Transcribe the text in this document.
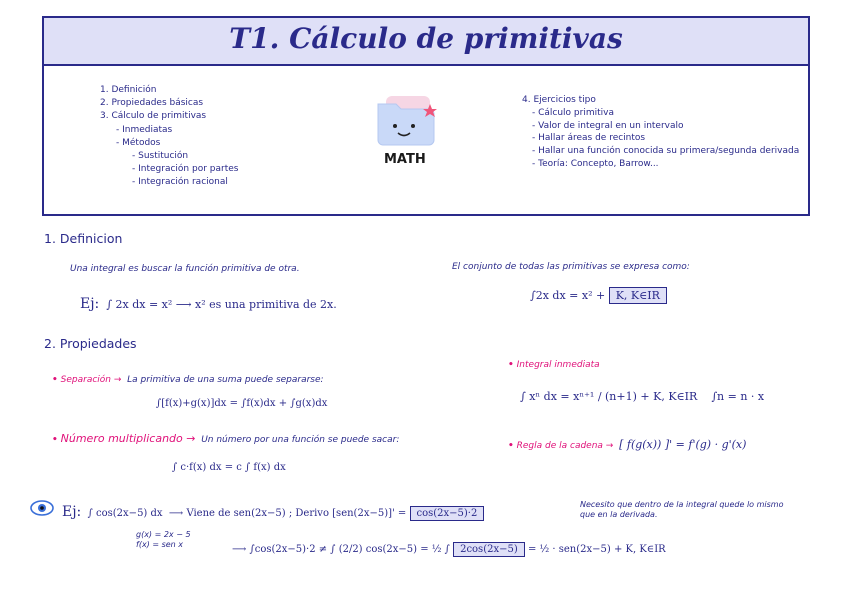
T1. Cálculo de primitivas
1. Definición
2. Propiedades básicas
3. Cálculo de primitivas
- Inmediatas
- Métodos
- Sustitución
- Integración por partes
- Integración racional
MATH
4. Ejercicios tipo
- Cálculo primitiva
- Valor de integral en un intervalo
- Hallar áreas de recintos
- Hallar una función conocida su primera/segunda derivada
- Teoría: Concepto, Barrow...
1. Definicion
Una integral es buscar la función primitiva de otra.
Ej: ∫ 2x dx = x² ⟶ x² es una primitiva de 2x.
El conjunto de todas las primitivas se expresa como:
∫2x dx = x² + K, K∈IR
2. Propiedades
• Separación → La primitiva de una suma puede separarse:
∫[f(x)+g(x)]dx = ∫f(x)dx + ∫g(x)dx
• Número multiplicando → Un número por una función se puede sacar:
∫ c·f(x) dx = c ∫ f(x) dx
• Integral inmediata
∫ xⁿ dx = xⁿ⁺¹ / (n+1) + K, K∈IR ∫n = n · x
• Regla de la cadena → [ f(g(x)) ]' = f'(g) · g'(x)
Ej: ∫ cos(2x−5) dx  ⟶ Viene de sen(2x−5) ; Derivo [sen(2x−5)]' = cos(2x−5)·2
Necesito que dentro de la integral quede lo mismo que en la derivada.
g(x) = 2x − 5
f(x) = sen x	⟶ ∫cos(2x−5)·2 ≠ ∫ (2/2) cos(2x−5) = ½ ∫ 2cos(2x−5) = ½ · sen(2x−5) + K, K∈IR
